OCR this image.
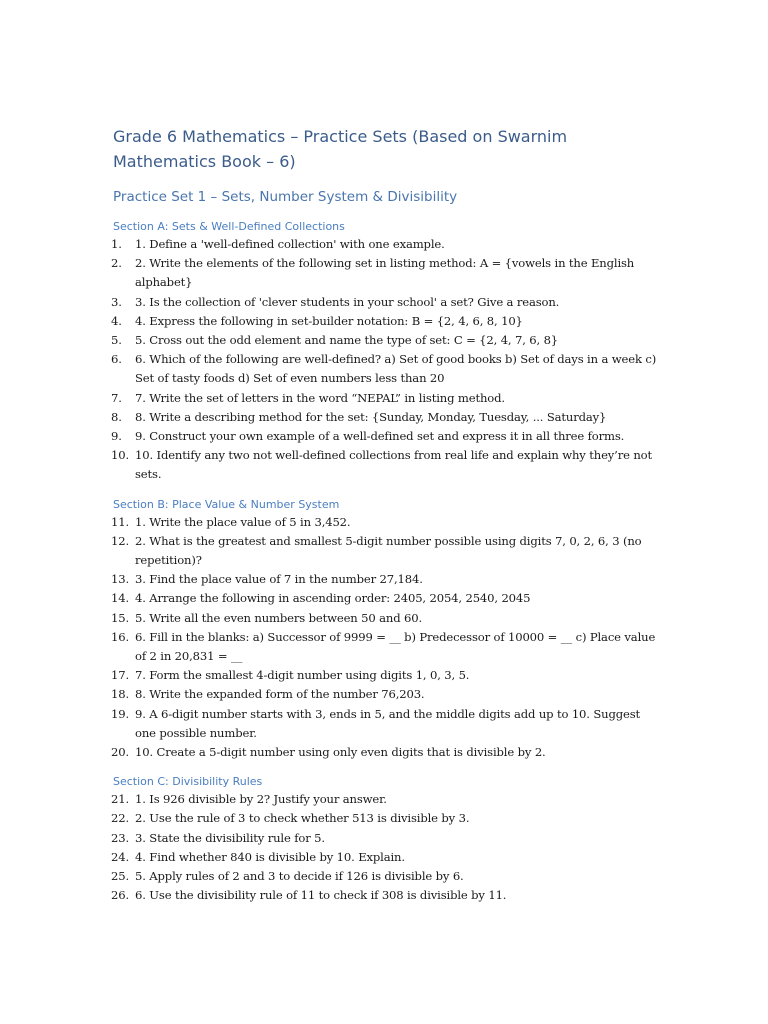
Grade 6 Mathematics – Practice Sets (Based on Swarnim Mathematics Book – 6)
Practice Set 1 – Sets, Number System & Divisibility
Section A: Sets & Well-Defined Collections
1.	1. Define a 'well-defined collection' with one example.
2.	2. Write the elements of the following set in listing method: A = {vowels in the English alphabet}
3.	3. Is the collection of 'clever students in your school' a set? Give a reason.
4.	4. Express the following in set-builder notation: B = {2, 4, 6, 8, 10}
5.	5. Cross out the odd element and name the type of set: C = {2, 4, 7, 6, 8}
6.	6. Which of the following are well-defined? a) Set of good books b) Set of days in a week c) Set of tasty foods d) Set of even numbers less than 20
7.	7. Write the set of letters in the word “NEPAL” in listing method.
8.	8. Write a describing method for the set: {Sunday, Monday, Tuesday, ... Saturday}
9.	9. Construct your own example of a well-defined set and express it in all three forms.
10. 10. Identify any two not well-defined collections from real life and explain why they’re not sets.
Section B: Place Value & Number System
11. 1. Write the place value of 5 in 3,452.
12. 2. What is the greatest and smallest 5-digit number possible using digits 7, 0, 2, 6, 3 (no repetition)?
13. 3. Find the place value of 7 in the number 27,184.
14. 4. Arrange the following in ascending order: 2405, 2054, 2540, 2045
15. 5. Write all the even numbers between 50 and 60.
16. 6. Fill in the blanks: a) Successor of 9999 = __ b) Predecessor of 10000 = __ c) Place value of 2 in 20,831 = __
17. 7. Form the smallest 4-digit number using digits 1, 0, 3, 5.
18. 8. Write the expanded form of the number 76,203.
19. 9. A 6-digit number starts with 3, ends in 5, and the middle digits add up to 10. Suggest one possible number.
20. 10. Create a 5-digit number using only even digits that is divisible by 2.
Section C: Divisibility Rules
21. 1. Is 926 divisible by 2? Justify your answer.
22. 2. Use the rule of 3 to check whether 513 is divisible by 3.
23. 3. State the divisibility rule for 5.
24. 4. Find whether 840 is divisible by 10. Explain.
25. 5. Apply rules of 2 and 3 to decide if 126 is divisible by 6.
26. 6. Use the divisibility rule of 11 to check if 308 is divisible by 11.
